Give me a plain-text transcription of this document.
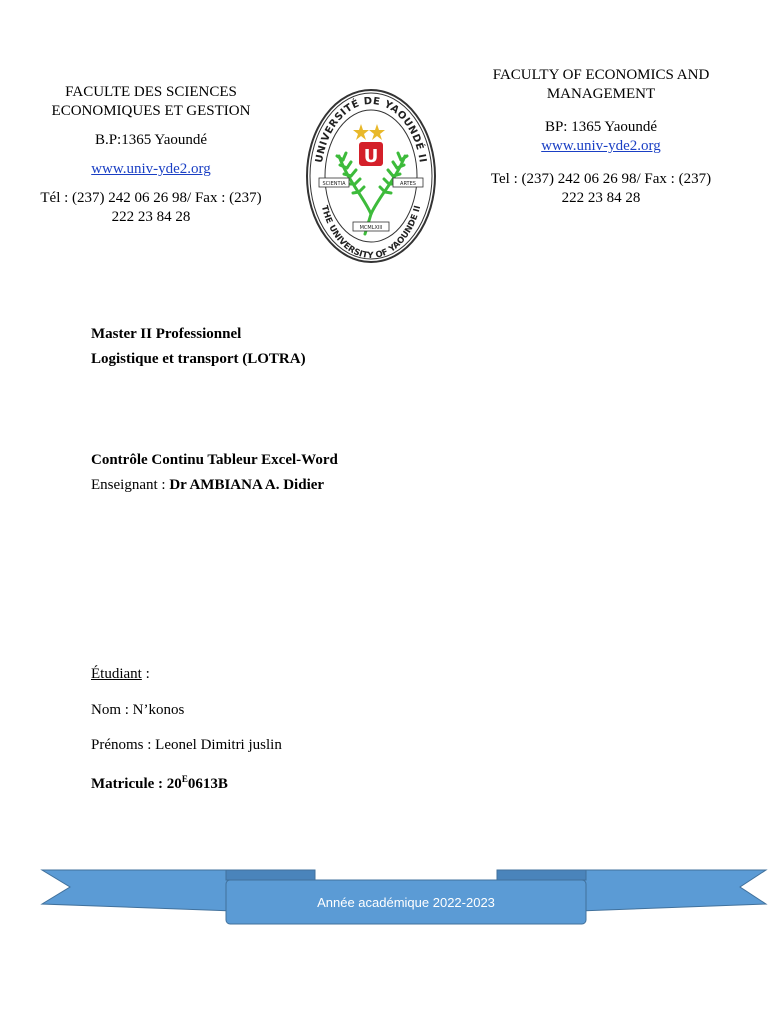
FACULTE DES SCIENCES
ECONOMIQUES ET GESTION
B.P:1365 Yaoundé
www.univ-yde2.org
Tél : (237) 242 06 26 98/ Fax : (237)
222 23 84 28
FACULTY OF ECONOMICS AND
MANAGEMENT
BP: 1365 Yaoundé
www.univ-yde2.org
Tel : (237) 242 06 26 98/ Fax : (237)
222 23 84 28
UNIVERSITÉ DE YAOUNDÉ II
THE UNIVERSITY OF YAOUNDE II
U
SCIENTIA	ARTES
MCMLXIII
Master II Professionnel
Logistique et transport (LOTRA)
Contrôle Continu Tableur Excel-Word
Enseignant : Dr AMBIANA A. Didier
Étudiant :
Nom : N’konos
Prénoms : Leonel Dimitri juslin
Matricule : $20^E0613B$
Année académique 2022-2023
